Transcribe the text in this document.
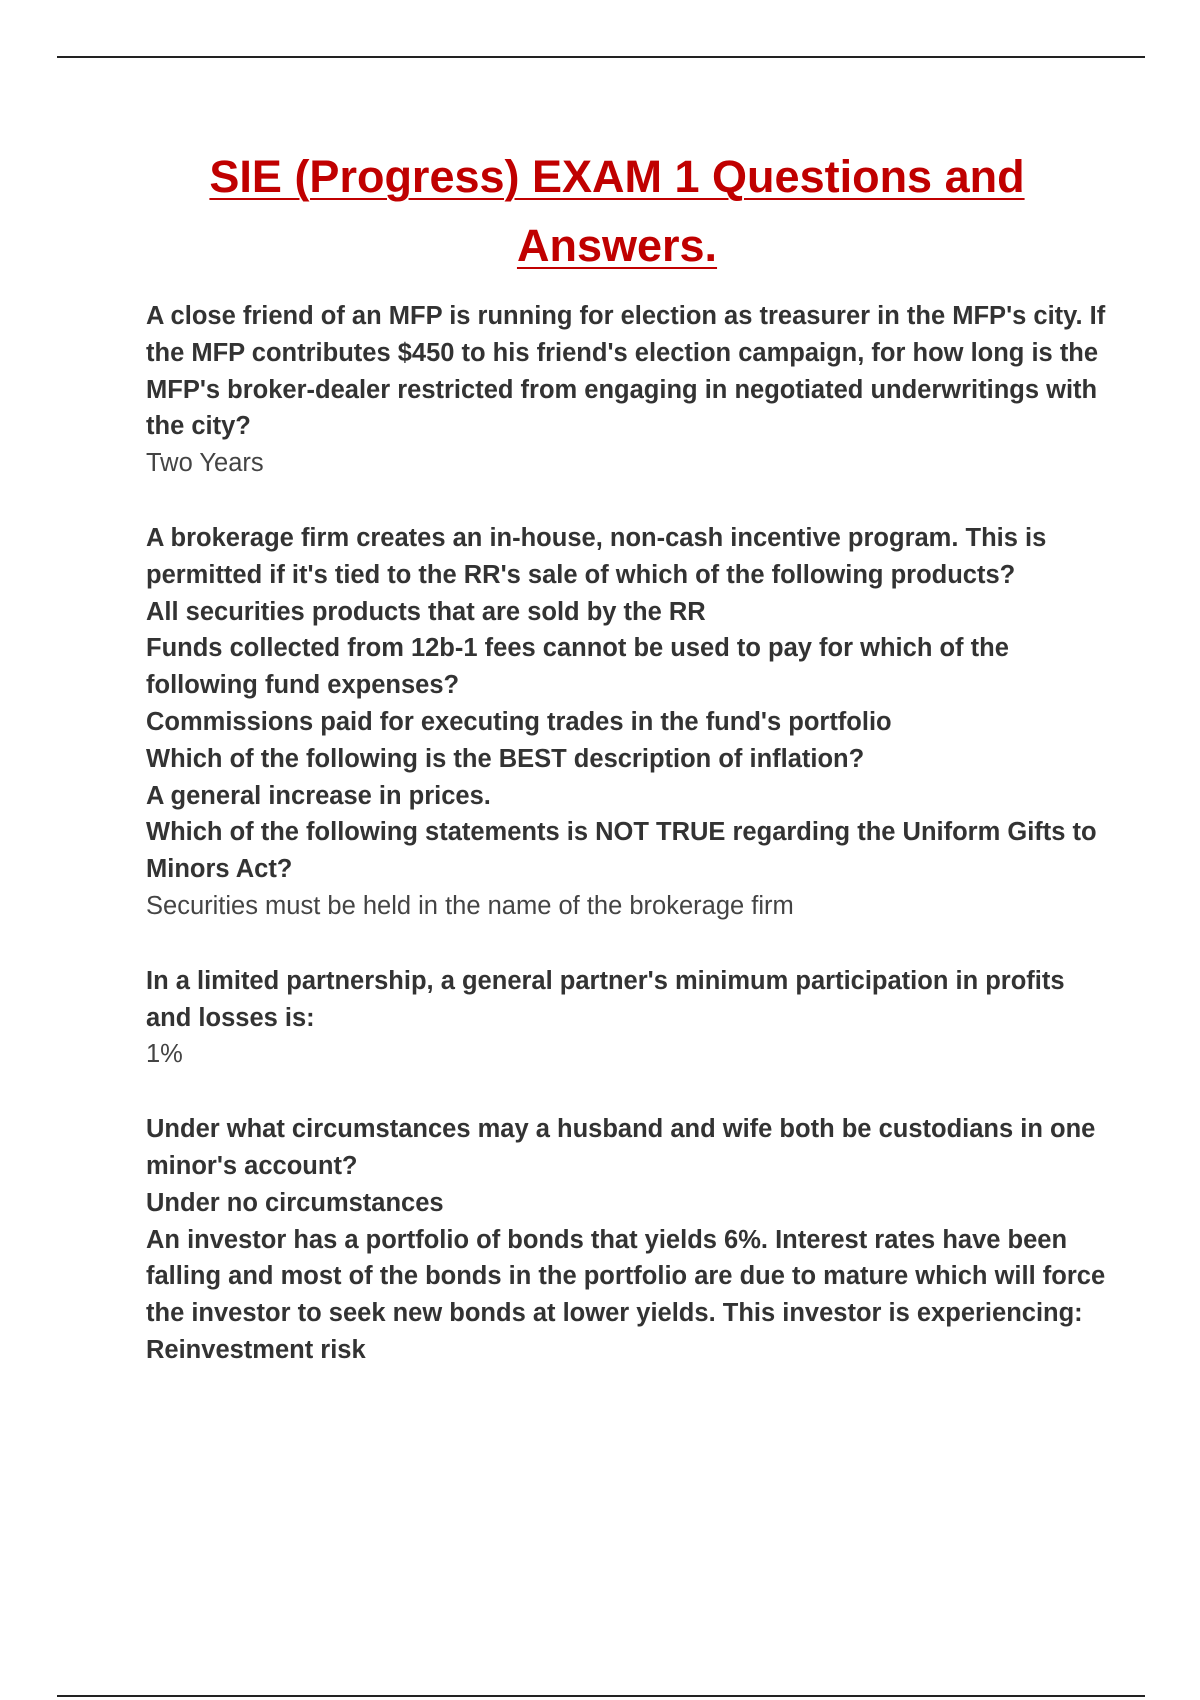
SIE (Progress) EXAM 1 Questions and Answers.
A close friend of an MFP is running for election as treasurer in the MFP's city. If the MFP contributes $450 to his friend's election campaign, for how long is the MFP's broker-dealer restricted from engaging in negotiated underwritings with the city?
Two Years
A brokerage firm creates an in-house, non-cash incentive program. This is permitted if it's tied to the RR's sale of which of the following products?
All securities products that are sold by the RR
Funds collected from 12b-1 fees cannot be used to pay for which of the following fund expenses?
Commissions paid for executing trades in the fund's portfolio
Which of the following is the BEST description of inflation?
A general increase in prices.
Which of the following statements is NOT TRUE regarding the Uniform Gifts to Minors Act?
Securities must be held in the name of the brokerage firm
In a limited partnership, a general partner's minimum participation in profits and losses is:
1%
Under what circumstances may a husband and wife both be custodians in one minor's account?
Under no circumstances
An investor has a portfolio of bonds that yields 6%. Interest rates have been falling and most of the bonds in the portfolio are due to mature which will force the investor to seek new bonds at lower yields. This investor is experiencing:
Reinvestment risk
